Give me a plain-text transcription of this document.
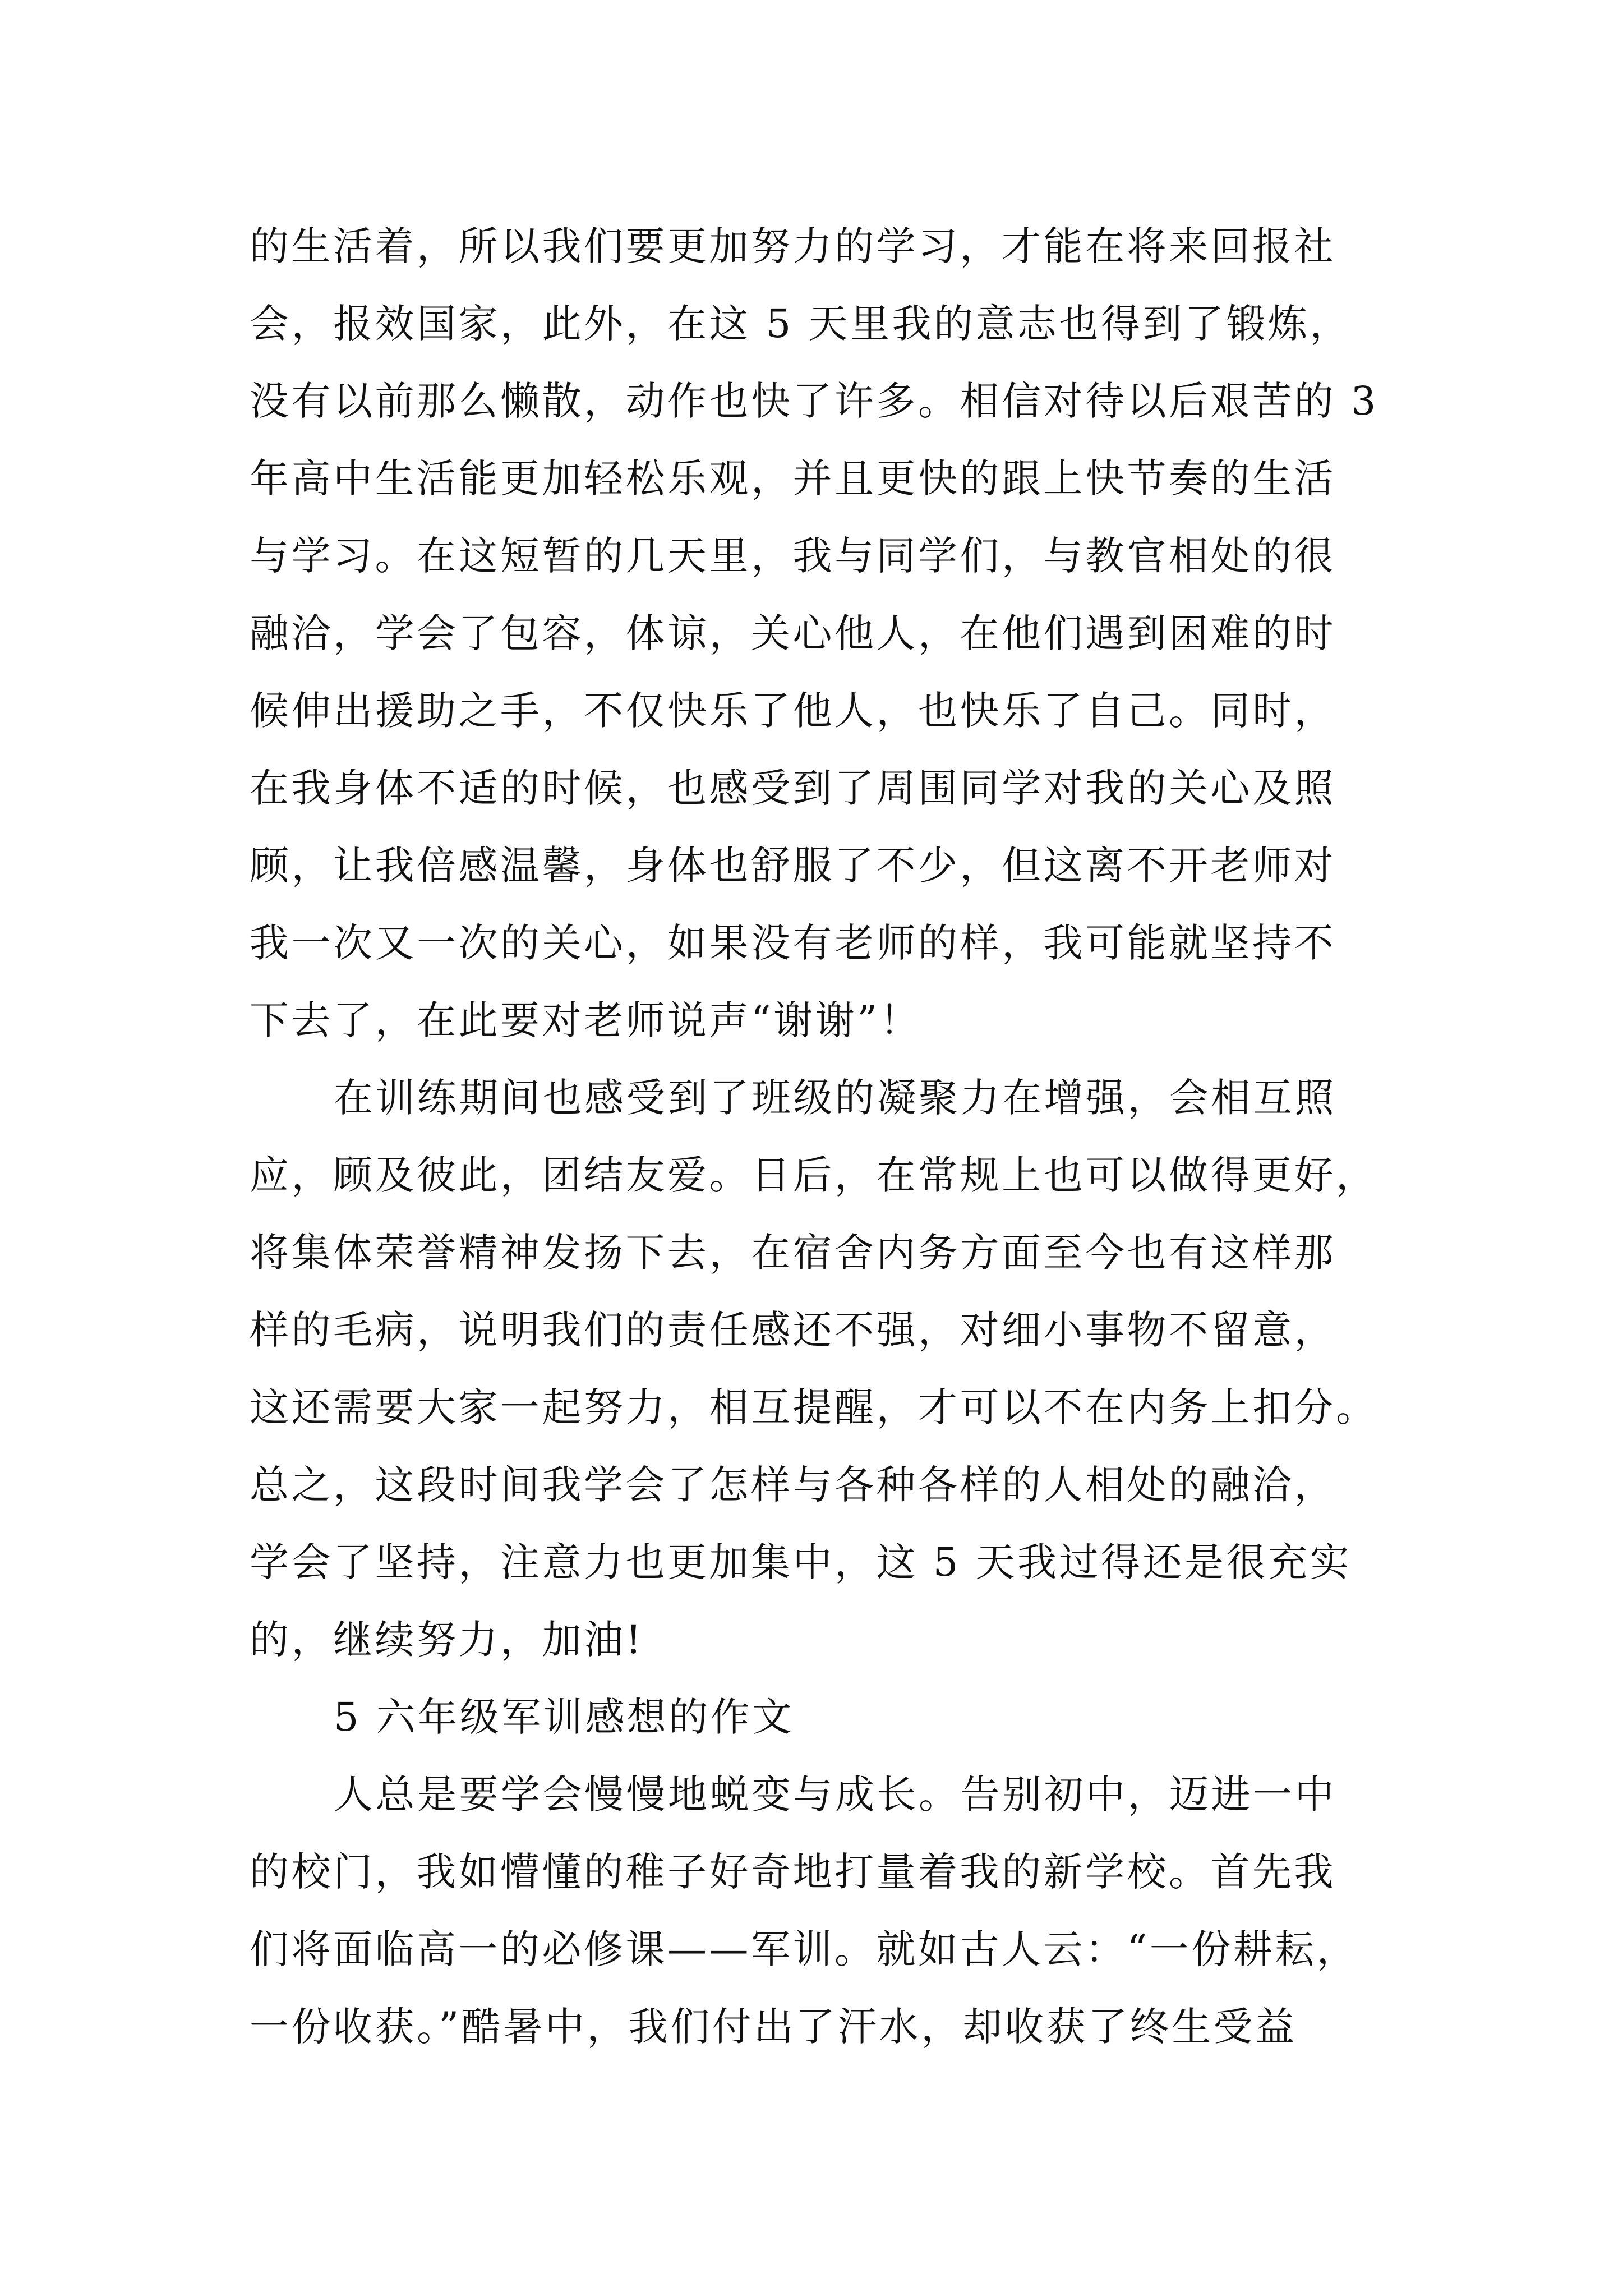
的生活着，所以我们要更加努力的学习，才能在将来回报社
会，报效国家，此外，在这 5 天里我的意志也得到了锻炼，
没有以前那么懒散，动作也快了许多。相信对待以后艰苦的 3
年高中生活能更加轻松乐观，并且更快的跟上快节奏的生活
与学习。在这短暂的几天里，我与同学们，与教官相处的很
融洽，学会了包容，体谅，关心他人，在他们遇到困难的时
候伸出援助之手，不仅快乐了他人，也快乐了自己。同时，
在我身体不适的时候，也感受到了周围同学对我的关心及照
顾，让我倍感温馨，身体也舒服了不少，但这离不开老师对
我一次又一次的关心，如果没有老师的样，我可能就坚持不
下去了，在此要对老师说声“谢谢”！
在训练期间也感受到了班级的凝聚力在增强，会相互照
应，顾及彼此，团结友爱。日后，在常规上也可以做得更好，
将集体荣誉精神发扬下去，在宿舍内务方面至今也有这样那
样的毛病，说明我们的责任感还不强，对细小事物不留意，
这还需要大家一起努力，相互提醒，才可以不在内务上扣分。
总之，这段时间我学会了怎样与各种各样的人相处的融洽，
学会了坚持，注意力也更加集中，这 5 天我过得还是很充实
的，继续努力，加油!
5 六年级军训感想的作文
人总是要学会慢慢地蜕变与成长。告别初中，迈进一中
的校门，我如懵懂的稚子好奇地打量着我的新学校。首先我
们将面临高一的必修课——军训。就如古人云：“一份耕耘，
一份收获。”酷暑中，我们付出了汗水，却收获了终生受益
